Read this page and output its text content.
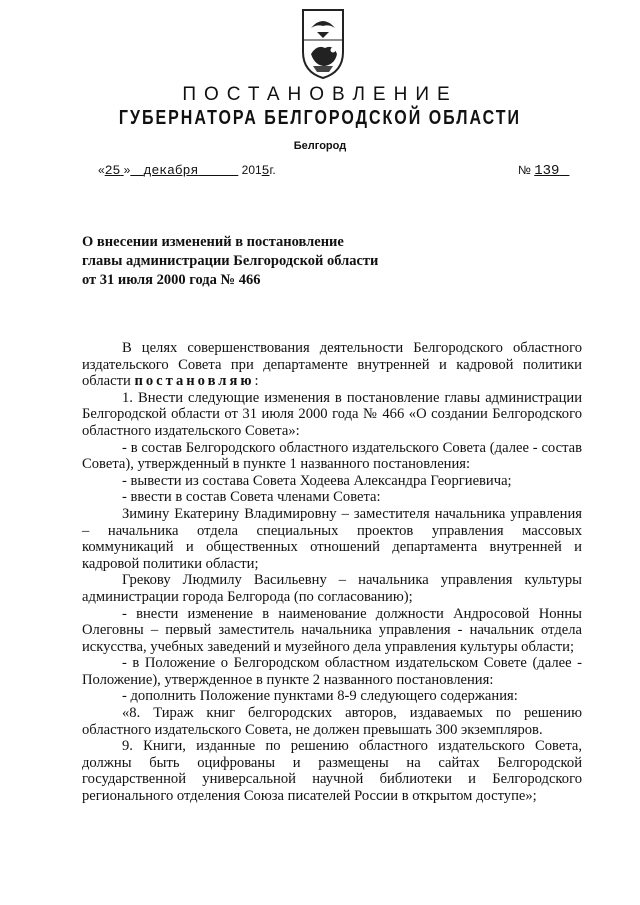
ПОСТАНОВЛЕНИЕ
ГУБЕРНАТОРА БЕЛГОРОДСКОЙ ОБЛАСТИ
Белгород
«25 » декабря	2015г.	№ 139
О внесении изменений в постановление главы администрации Белгородской области от 31 июля 2000 года № 466

В целях совершенствования деятельности Белгородского областного издательского Совета при департаменте внутренней и кадровой политики области постановляю:

1. Внести следующие изменения в постановление главы администрации Белгородской области от 31 июля 2000 года № 466 «О создании Белгородского областного издательского Совета»:

- в состав Белгородского областного издательского Совета (далее - состав Совета), утвержденный в пункте 1 названного постановления:

- вывести из состава Совета Ходеева Александра Георгиевича;

- ввести в состав Совета членами Совета:

Зимину Екатерину Владимировну – заместителя начальника управления – начальника отдела специальных проектов управления массовых коммуникаций и общественных отношений департамента внутренней и кадровой политики области;

Грекову Людмилу Васильевну – начальника управления культуры администрации города Белгорода (по согласованию);

- внести изменение в наименование должности Андросовой Нонны Олеговны – первый заместитель начальника управления - начальник отдела искусства, учебных заведений и музейного дела управления культуры области;

- в Положение о Белгородском областном издательском Совете (далее - Положение), утвержденное в пункте 2 названного постановления:

- дополнить Положение пунктами 8-9 следующего содержания:

«8. Тираж книг белгородских авторов, издаваемых по решению областного издательского Совета, не должен превышать 300 экземпляров.

9. Книги, изданные по решению областного издательского Совета, должны быть оцифрованы и размещены на сайтах Белгородской государственной универсальной научной библиотеки и Белгородского регионального отделения Союза писателей России в открытом доступе»;
